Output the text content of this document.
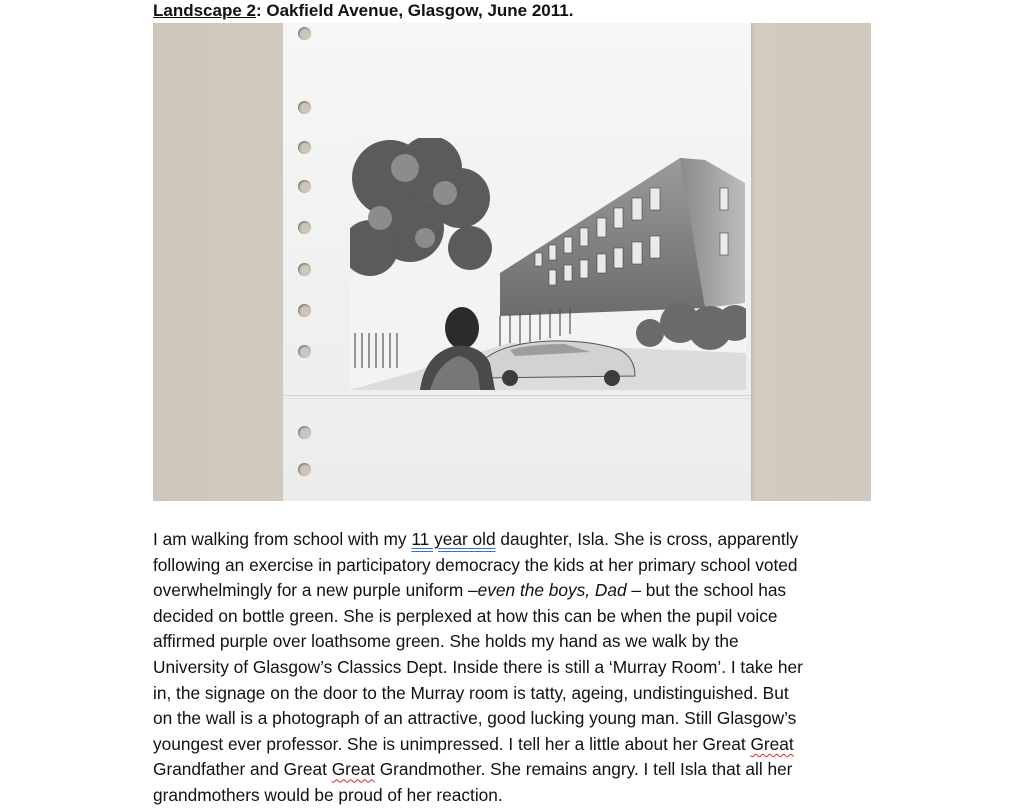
Landscape 2: Oakfield Avenue, Glasgow, June 2011.

I am walking from school with my 11 year old daughter, Isla. She is cross, apparently
following an exercise in participatory democracy the kids at her primary school voted
overwhelmingly for a new purple uniform –even the boys, Dad – but the school has
decided on bottle green. She is perplexed at how this can be when the pupil voice
affirmed purple over loathsome green. She holds my hand as we walk by the
University of Glasgow’s Classics Dept. Inside there is still a ‘Murray Room’. I take her
in, the signage on the door to the Murray room is tatty, ageing, undistinguished. But
on the wall is a photograph of an attractive, good lucking young man. Still Glasgow’s
youngest ever professor. She is unimpressed. I tell her a little about her Great Great
Grandfather and Great Great Grandmother. She remains angry. I tell Isla that all her
grandmothers would be proud of her reaction.
